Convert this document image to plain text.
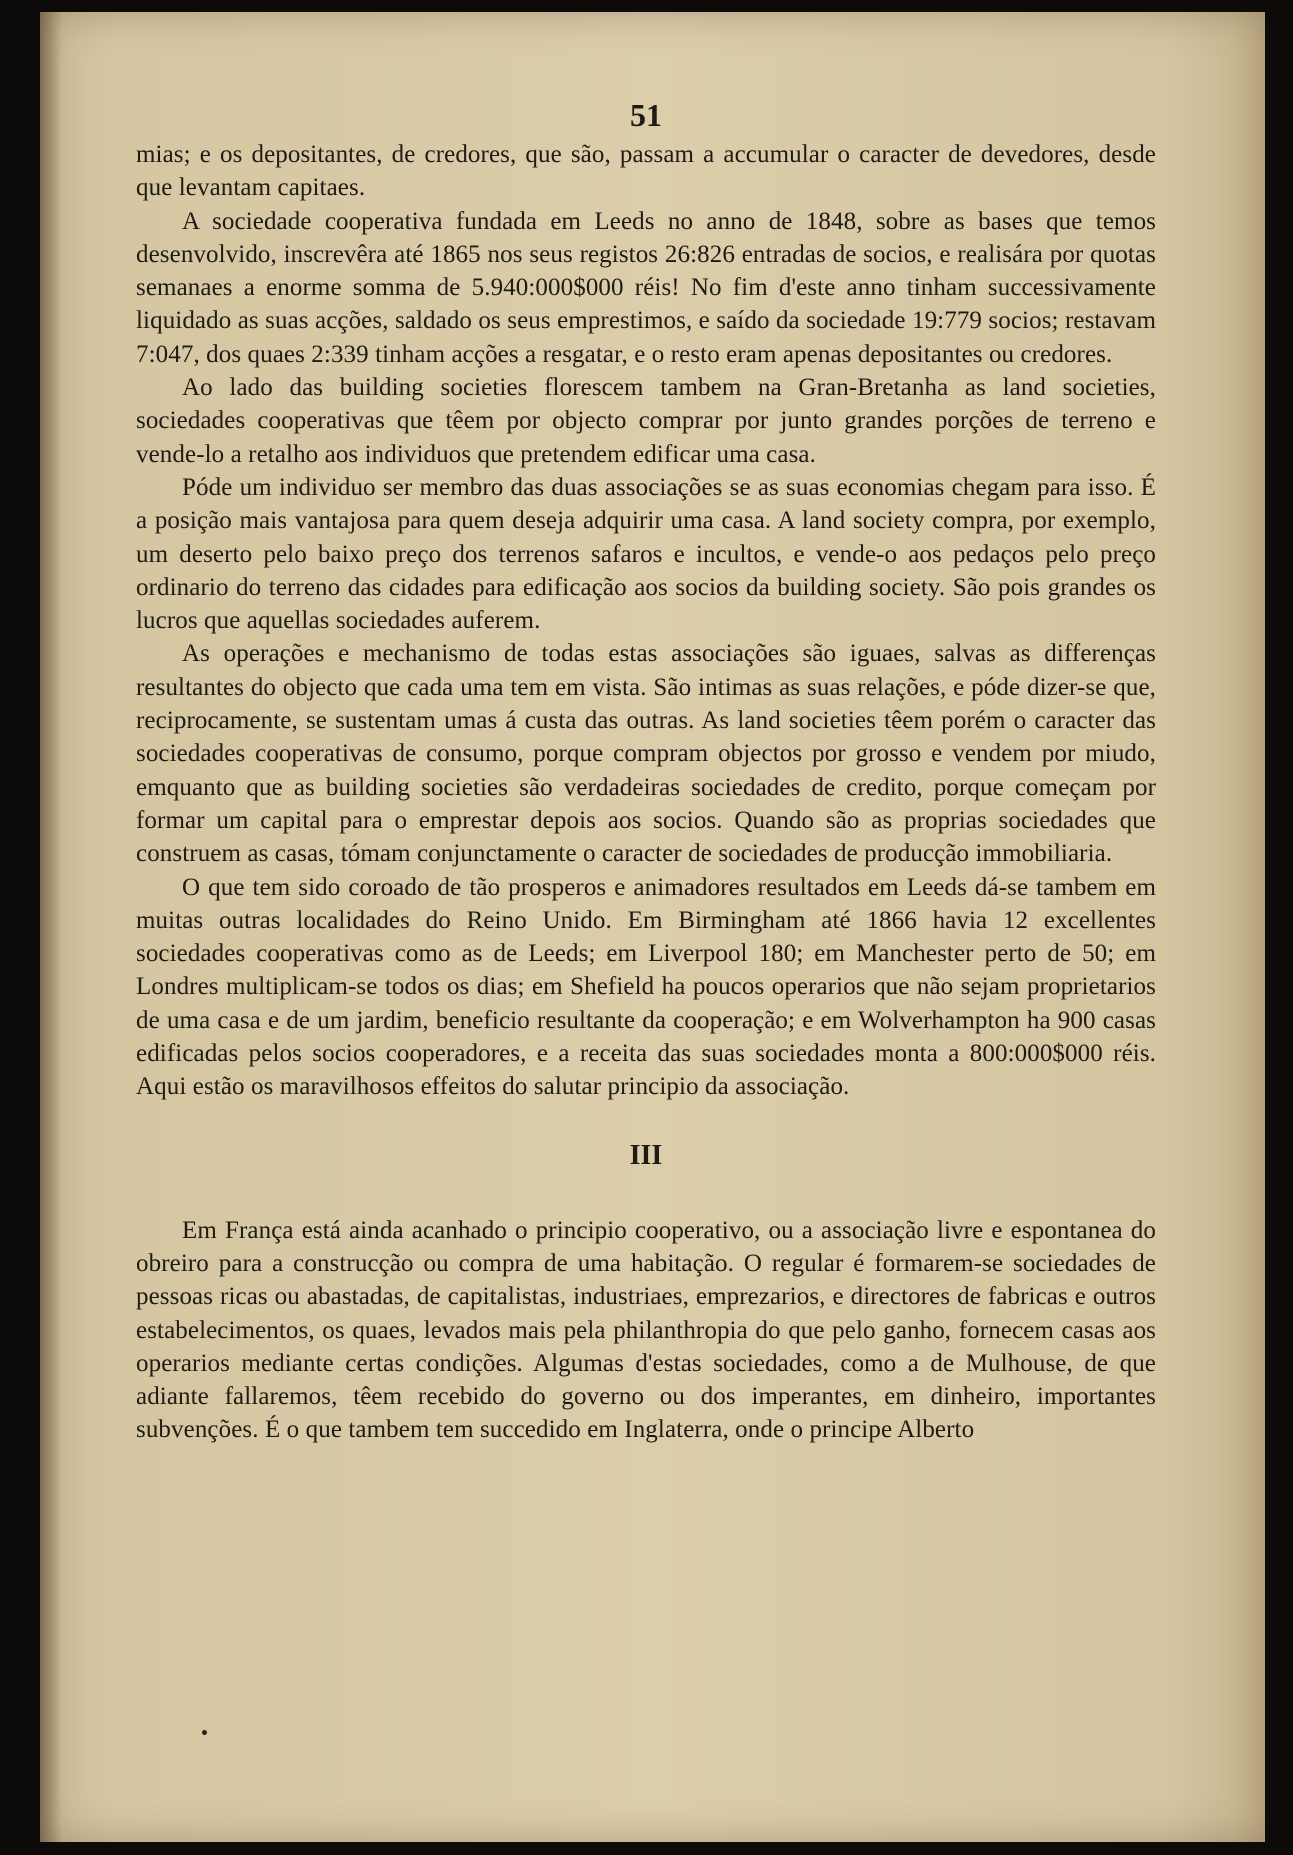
51

mias; e os depositantes, de credores, que são, passam a accumular o caracter de devedores, desde que levantam capitaes.

A sociedade cooperativa fundada em Leeds no anno de 1848, sobre as bases que temos desenvolvido, inscrevêra até 1865 nos seus registos 26:826 entradas de socios, e realisára por quotas semanaes a enorme somma de 5.940:000$000 réis! No fim d'este anno tinham successivamente liquidado as suas acções, saldado os seus emprestimos, e saído da sociedade 19:779 socios; restavam 7:047, dos quaes 2:339 tinham acções a resgatar, e o resto eram apenas depositantes ou credores.

Ao lado das building societies florescem tambem na Gran-Bretanha as land societies, sociedades cooperativas que têem por objecto comprar por junto grandes porções de terreno e vende-lo a retalho aos individuos que pretendem edificar uma casa.

Póde um individuo ser membro das duas associações se as suas economias chegam para isso. É a posição mais vantajosa para quem deseja adquirir uma casa. A land society compra, por exemplo, um deserto pelo baixo preço dos terrenos safaros e incultos, e vende-o aos pedaços pelo preço ordinario do terreno das cidades para edificação aos socios da building society. São pois grandes os lucros que aquellas sociedades auferem.

As operações e mechanismo de todas estas associações são iguaes, salvas as differenças resultantes do objecto que cada uma tem em vista. São intimas as suas relações, e póde dizer-se que, reciprocamente, se sustentam umas á custa das outras. As land societies têem porém o caracter das sociedades cooperativas de consumo, porque compram objectos por grosso e vendem por miudo, emquanto que as building societies são verdadeiras sociedades de credito, porque começam por formar um capital para o emprestar depois aos socios. Quando são as proprias sociedades que construem as casas, tómam conjunctamente o caracter de sociedades de producção immobiliaria.

O que tem sido coroado de tão prosperos e animadores resultados em Leeds dá-se tambem em muitas outras localidades do Reino Unido. Em Birmingham até 1866 havia 12 excellentes sociedades cooperativas como as de Leeds; em Liverpool 180; em Manchester perto de 50; em Londres multiplicam-se todos os dias; em Shefield ha poucos operarios que não sejam proprietarios de uma casa e de um jardim, beneficio resultante da cooperação; e em Wolverhampton ha 900 casas edificadas pelos socios cooperadores, e a receita das suas sociedades monta a 800:000$000 réis. Aqui estão os maravilhosos effeitos do salutar principio da associação.

III

Em França está ainda acanhado o principio cooperativo, ou a associação livre e espontanea do obreiro para a construcção ou compra de uma habitação. O regular é formarem-se sociedades de pessoas ricas ou abastadas, de capitalistas, industriaes, emprezarios, e directores de fabricas e outros estabelecimentos, os quaes, levados mais pela philanthropia do que pelo ganho, fornecem casas aos operarios mediante certas condições. Algumas d'estas sociedades, como a de Mulhouse, de que adiante fallaremos, têem recebido do governo ou dos imperantes, em dinheiro, importantes subvenções. É o que tambem tem succedido em Inglaterra, onde o principe Alberto
